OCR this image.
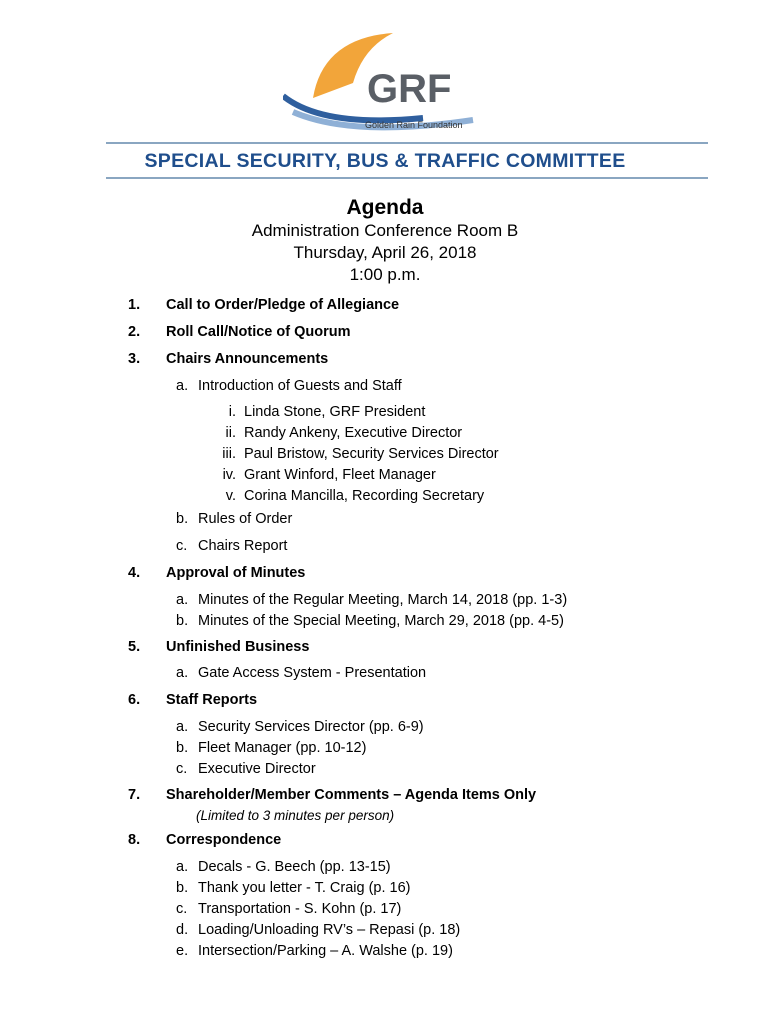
GRF
Golden Rain Foundation
SPECIAL SECURITY, BUS & TRAFFIC COMMITTEE
Agenda
Administration Conference Room B
Thursday, April 26, 2018
1:00 p.m.
1. Call to Order/Pledge of Allegiance
2. Roll Call/Notice of Quorum
3. Chairs Announcements
a. Introduction of Guests and Staff
b. Rules of Order
c. Chairs Report
i. Linda Stone, GRF President
ii. Randy Ankeny, Executive Director
iii. Paul Bristow, Security Services Director
iv. Grant Winford, Fleet Manager
v. Corina Mancilla, Recording Secretary
4. Approval of Minutes
a. Minutes of the Regular Meeting, March 14, 2018 (pp. 1-3)
b. Minutes of the Special Meeting, March 29, 2018 (pp. 4-5)
5. Unfinished Business
a. Gate Access System - Presentation
6. Staff Reports
a. Security Services Director (pp. 6-9)
b. Fleet Manager (pp. 10-12)
c. Executive Director
7. Shareholder/Member Comments – Agenda Items Only
(Limited to 3 minutes per person)
8. Correspondence
a. Decals - G. Beech (pp. 13-15)
b. Thank you letter - T. Craig (p. 16)
c. Transportation - S. Kohn (p. 17)
d. Loading/Unloading RV’s – Repasi (p. 18)
e. Intersection/Parking – A. Walshe (p. 19)
